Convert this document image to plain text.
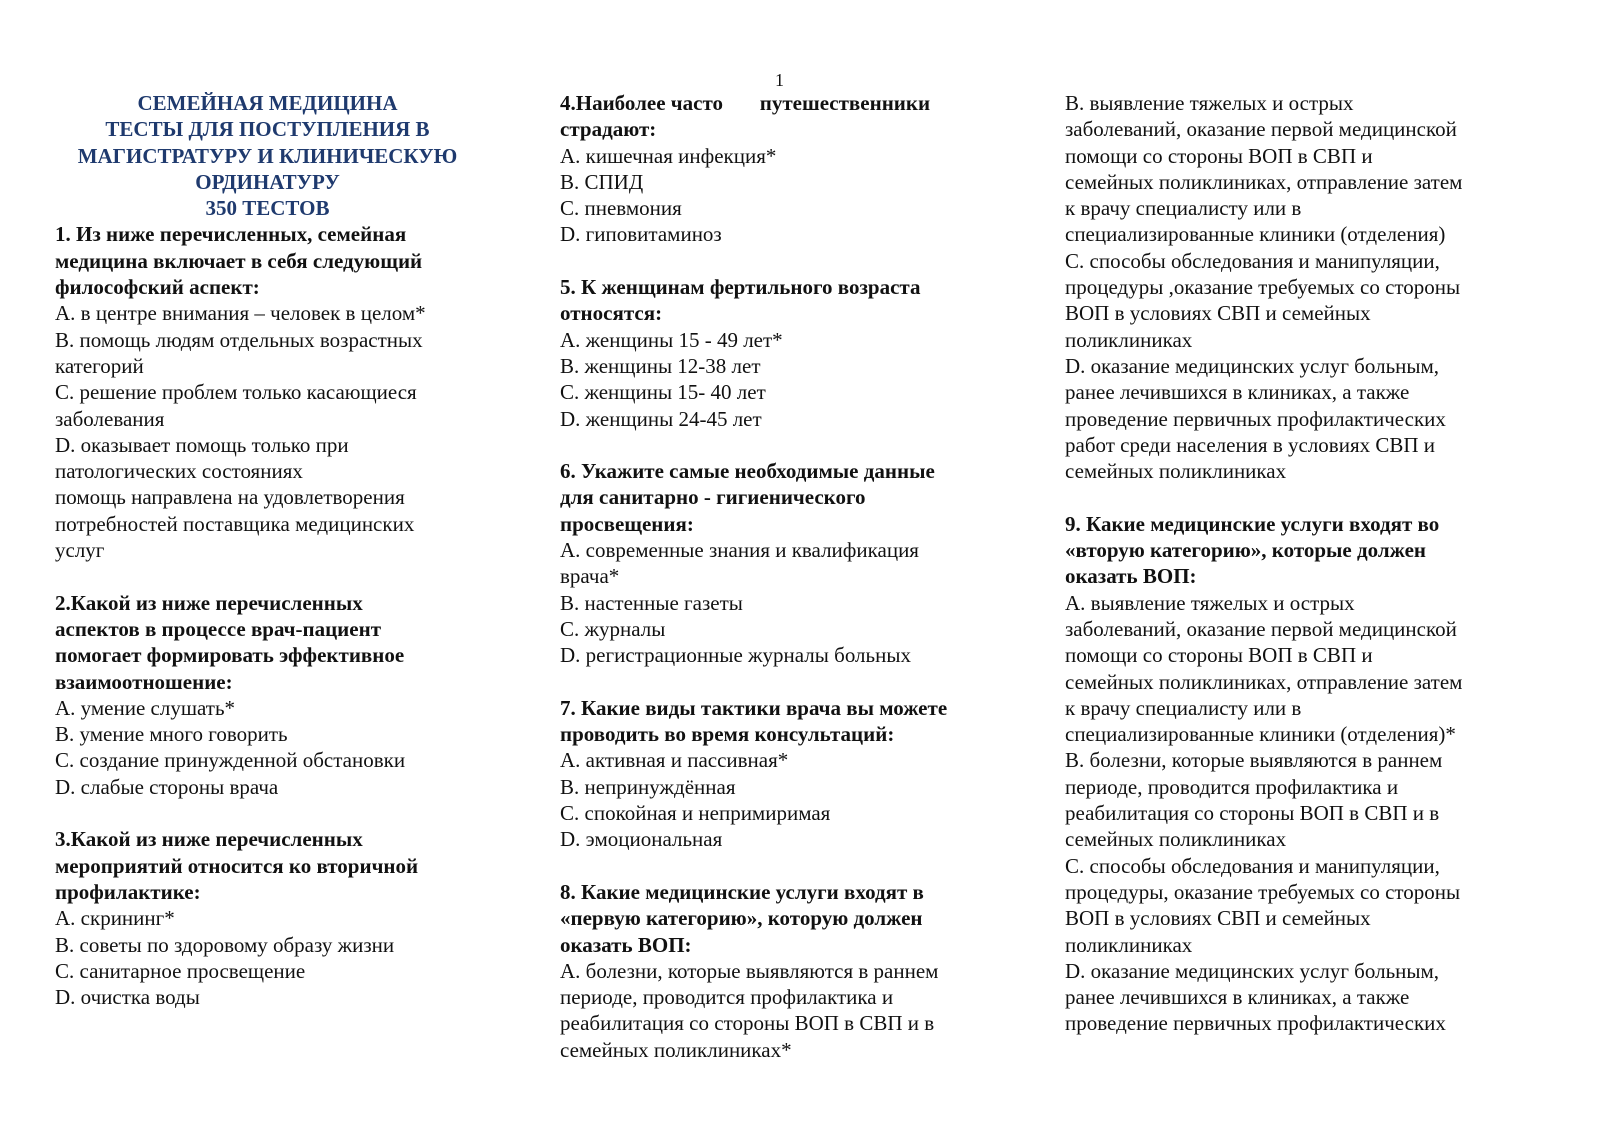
1

СЕМЕЙНАЯ МЕДИЦИНА

ТЕСТЫ ДЛЯ ПОСТУПЛЕНИЯ В

МАГИСТРАТУРУ И КЛИНИЧЕСКУЮ

ОРДИНАТУРУ

350 ТЕСТОВ

1. Из ниже перечисленных, семейная

медицина включает в себя следующий

философский аспект:

А. в центре внимания – человек в целом*

В. помощь людям отдельных возрастных

категорий

С. решение проблем только касающиеся

заболевания

D. оказывает помощь только при

патологических состояниях

помощь направлена на удовлетворения

потребностей поставщика медицинских

услуг

2.Какой из ниже перечисленных

аспектов в процессе врач-пациент

помогает формировать эффективное

взаимоотношение:

А. умение слушать*

В. умение много говорить

С. создание принужденной обстановки

D. слабые стороны врача

3.Какой из ниже перечисленных

мероприятий относится ко вторичной

профилактике:

А. скрининг*

В. советы по здоровому образу жизни

С. санитарное просвещение

D. очистка воды

4.Наиболее часто       путешественники

страдают:

А. кишечная инфекция*

В. СПИД

С. пневмония

D. гиповитаминоз

5. К женщинам фертильного возраста

относятся:

А. женщины 15 - 49 лет*

В. женщины 12-38 лет

С. женщины 15- 40 лет

D. женщины 24-45 лет

6. Укажите самые необходимые данные

для санитарно - гигиенического

просвещения:

А. современные знания и квалификация

врача*

В. настенные газеты

С. журналы

D. регистрационные журналы больных

7. Какие виды тактики врача вы можете

проводить во время консультаций:

А. активная и пассивная*

В. непринуждённая

С. спокойная и непримиримая

D. эмоциональная

8. Какие медицинские услуги входят в

«первую категорию», которую должен

оказать ВОП:

А. болезни, которые выявляются в раннем

периоде, проводится профилактика и

реабилитация со стороны ВОП в СВП и в

семейных поликлиниках*

В. выявление тяжелых и острых

заболеваний, оказание первой медицинской

помощи со стороны ВОП в СВП и

семейных поликлиниках, отправление затем

к врачу специалисту или в

специализированные клиники (отделения)

С. способы обследования и манипуляции,

процедуры ,оказание требуемых со стороны

ВОП в условиях СВП и семейных

поликлиниках

D. оказание медицинских услуг больным,

ранее лечившихся в клиниках, а также

проведение первичных профилактических

работ среди населения в условиях СВП и

семейных поликлиниках

9. Какие медицинские услуги входят во

«вторую категорию», которые должен

оказать ВОП:

А. выявление тяжелых и острых

заболеваний, оказание первой медицинской

помощи со стороны ВОП в СВП и

семейных поликлиниках, отправление затем

к врачу специалисту или в

специализированные клиники (отделения)*

В. болезни, которые выявляются в раннем

периоде, проводится профилактика и

реабилитация со стороны ВОП в СВП и в

семейных поликлиниках

С. способы обследования и манипуляции,

процедуры, оказание требуемых со стороны

ВОП в условиях СВП и семейных

поликлиниках

D. оказание медицинских услуг больным,

ранее лечившихся в клиниках, а также

проведение первичных профилактических
